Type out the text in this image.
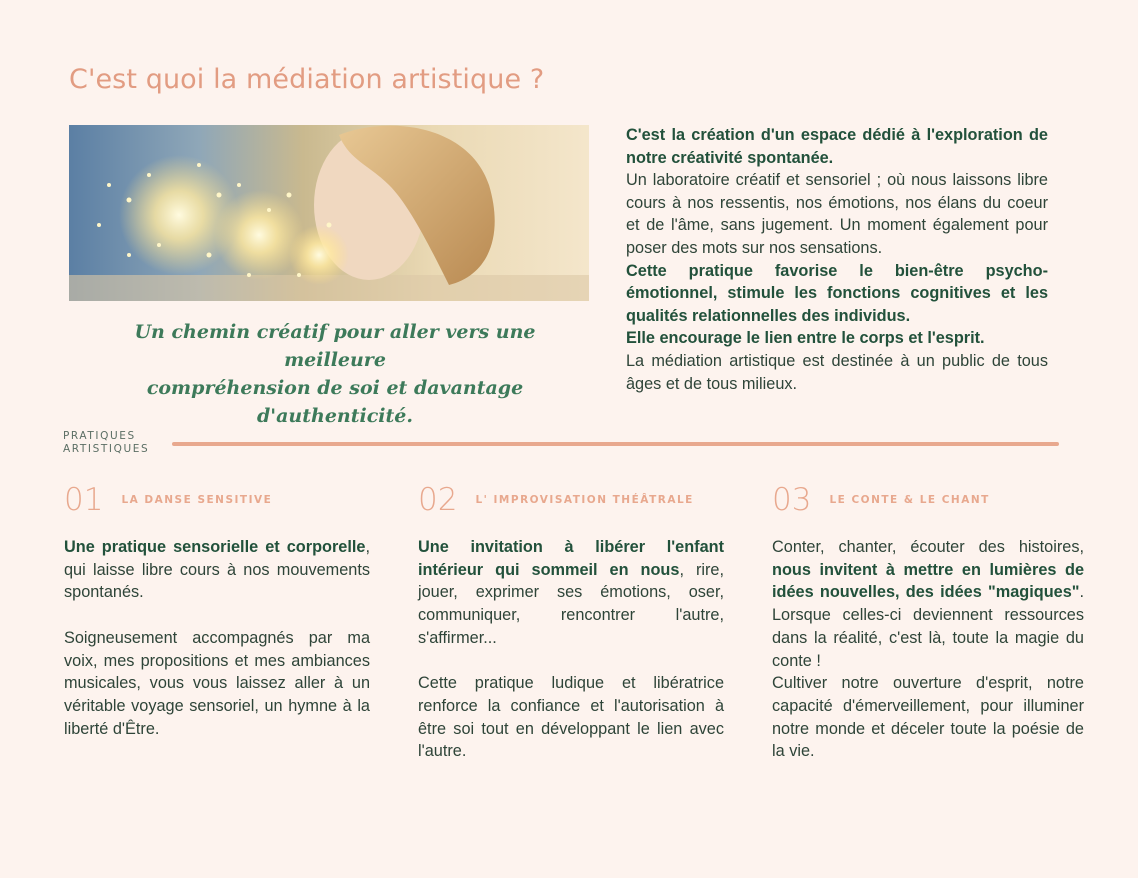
C'est quoi la médiation artistique ?
Un chemin créatif pour aller vers une meilleure
compréhension de soi et davantage d'authenticité.

C'est la création d'un espace dédié à l'exploration de notre créativité spontanée.

Un laboratoire créatif et sensoriel ; où nous laissons libre cours à nos ressentis, nos émotions, nos élans du coeur et de l'âme, sans jugement. Un moment également pour poser des mots sur nos sensations.

Cette pratique favorise le bien-être psycho-émotionnel, stimule les fonctions cognitives et les qualités relationnelles des individus.

Elle encourage le lien entre le corps et l'esprit.

La médiation artistique est destinée à un public de tous âges et de tous milieux.

PRATIQUES
ARTISTIQUES
01 LA DANSE SENSITIVE

Une pratique sensorielle et corporelle, qui laisse libre cours à nos mouvements spontanés.

Soigneusement accompagnés par ma voix, mes propositions et mes ambiances musicales, vous vous laissez aller à un véritable voyage sensoriel, un hymne à la liberté d'Être.

02 L' IMPROVISATION THÉÂTRALE

Une invitation à libérer l'enfant intérieur qui sommeil en nous, rire, jouer, exprimer ses émotions, oser, communiquer, rencontrer l'autre, s'affirmer...

Cette pratique ludique et libératrice renforce la confiance et l'autorisation à être soi tout en développant le lien avec l'autre.

03 LE CONTE & LE CHANT

Conter, chanter, écouter des histoires, nous invitent à mettre en lumières de idées nouvelles, des idées "magiques". Lorsque celles-ci deviennent ressources dans la réalité, c'est là, toute la magie du conte !

Cultiver notre ouverture d'esprit, notre capacité d'émerveillement, pour illuminer notre monde et déceler toute la poésie de la vie.
